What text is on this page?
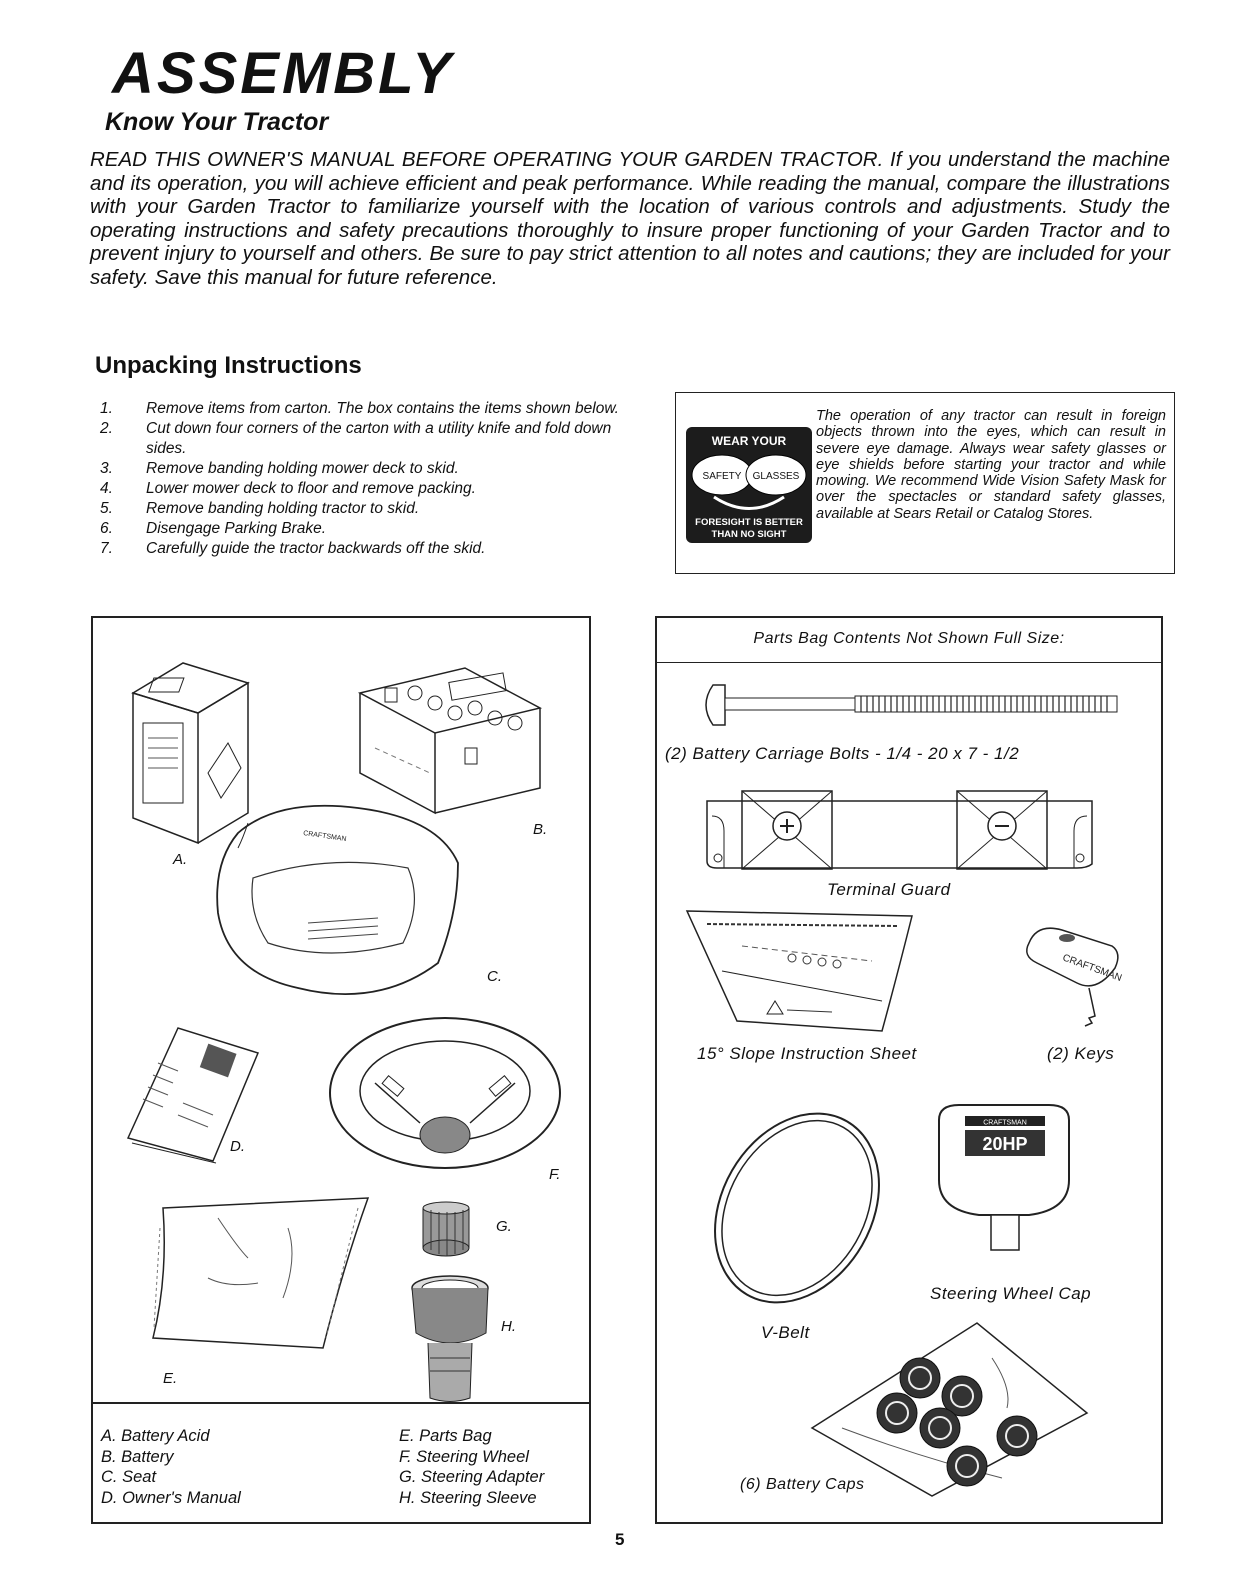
ASSEMBLY
Know Your Tractor

READ THIS OWNER'S MANUAL BEFORE OPERATING YOUR GARDEN TRACTOR. If you understand the machine and its operation, you will achieve efficient and peak performance. While reading the manual, compare the illustrations with your Garden Tractor to familiarize yourself with the location of various controls and adjustments. Study the operating instructions and safety precautions thoroughly to insure proper functioning of your Garden Tractor and to prevent injury to yourself and others. Be sure to pay strict attention to all notes and cautions; they are included for your safety. Save this manual for future reference.

Unpacking Instructions
1. Remove items from carton. The box contains the items shown below.
2. Cut down four corners of the carton with a utility knife and fold down sides.
3. Remove banding holding mower deck to skid.
4. Lower mower deck to floor and remove packing.
5. Remove banding holding tractor to skid.
6. Disengage Parking Brake.
7. Carefully guide the tractor backwards off the skid.
WEAR YOUR
SAFETY GLASSES
FORESIGHT IS BETTER
THAN NO SIGHT

The operation of any tractor can result in foreign objects thrown into the eyes, which can result in severe eye damage. Always wear safety glasses or eye shields before starting your tractor and while mowing. We recommend Wide Vision Safety Mask for over the spectacles or standard safety glasses, available at Sears Retail or Catalog Stores.

A.
B.
CRAFTSMAN
C.
D.
F.
E.
G.
H.
A. Battery Acid
B. Battery
C. Seat
D. Owner's Manual
E. Parts Bag
F. Steering Wheel
G. Steering Adapter
H. Steering Sleeve
Parts Bag Contents Not Shown Full Size:
(2) Battery Carriage Bolts - 1/4 - 20 x 7 - 1/2
Terminal Guard
CRAFTSMAN
15° Slope Instruction Sheet	(2) Keys
V-Belt
CRAFTSMAN
20HP
Steering Wheel Cap
(6) Battery Caps
5
